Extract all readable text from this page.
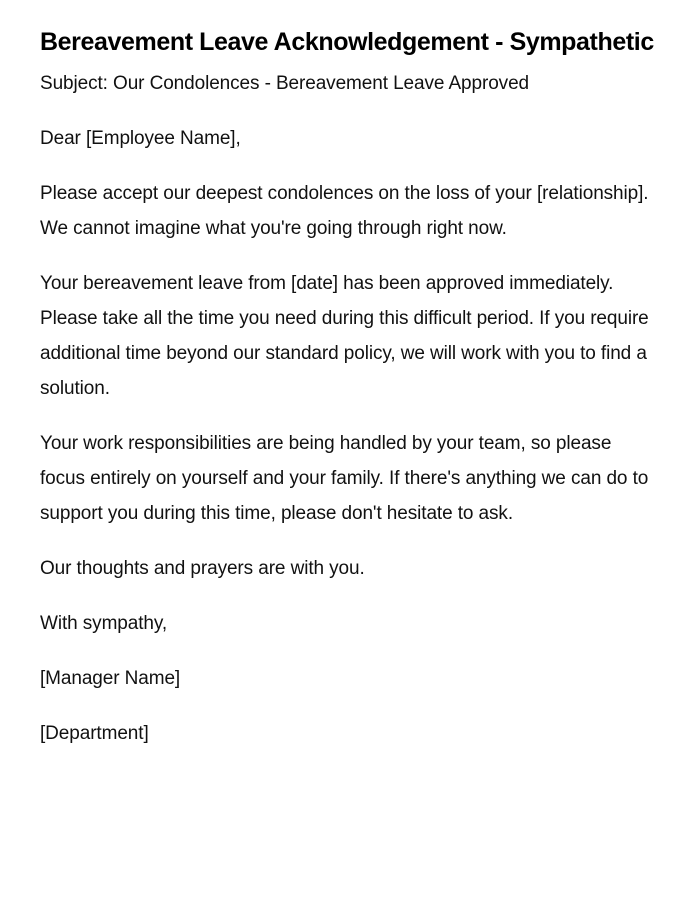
Bereavement Leave Acknowledgement - Sympathetic

Subject: Our Condolences - Bereavement Leave Approved

Dear [Employee Name],

Please accept our deepest condolences on the loss of your [relationship]. We cannot imagine what you're going through right now.

Your bereavement leave from [date] has been approved immediately. Please take all the time you need during this difficult period. If you require additional time beyond our standard policy, we will work with you to find a solution.

Your work responsibilities are being handled by your team, so please focus entirely on yourself and your family. If there's anything we can do to support you during this time, please don't hesitate to ask.

Our thoughts and prayers are with you.

With sympathy,

[Manager Name]

[Department]
